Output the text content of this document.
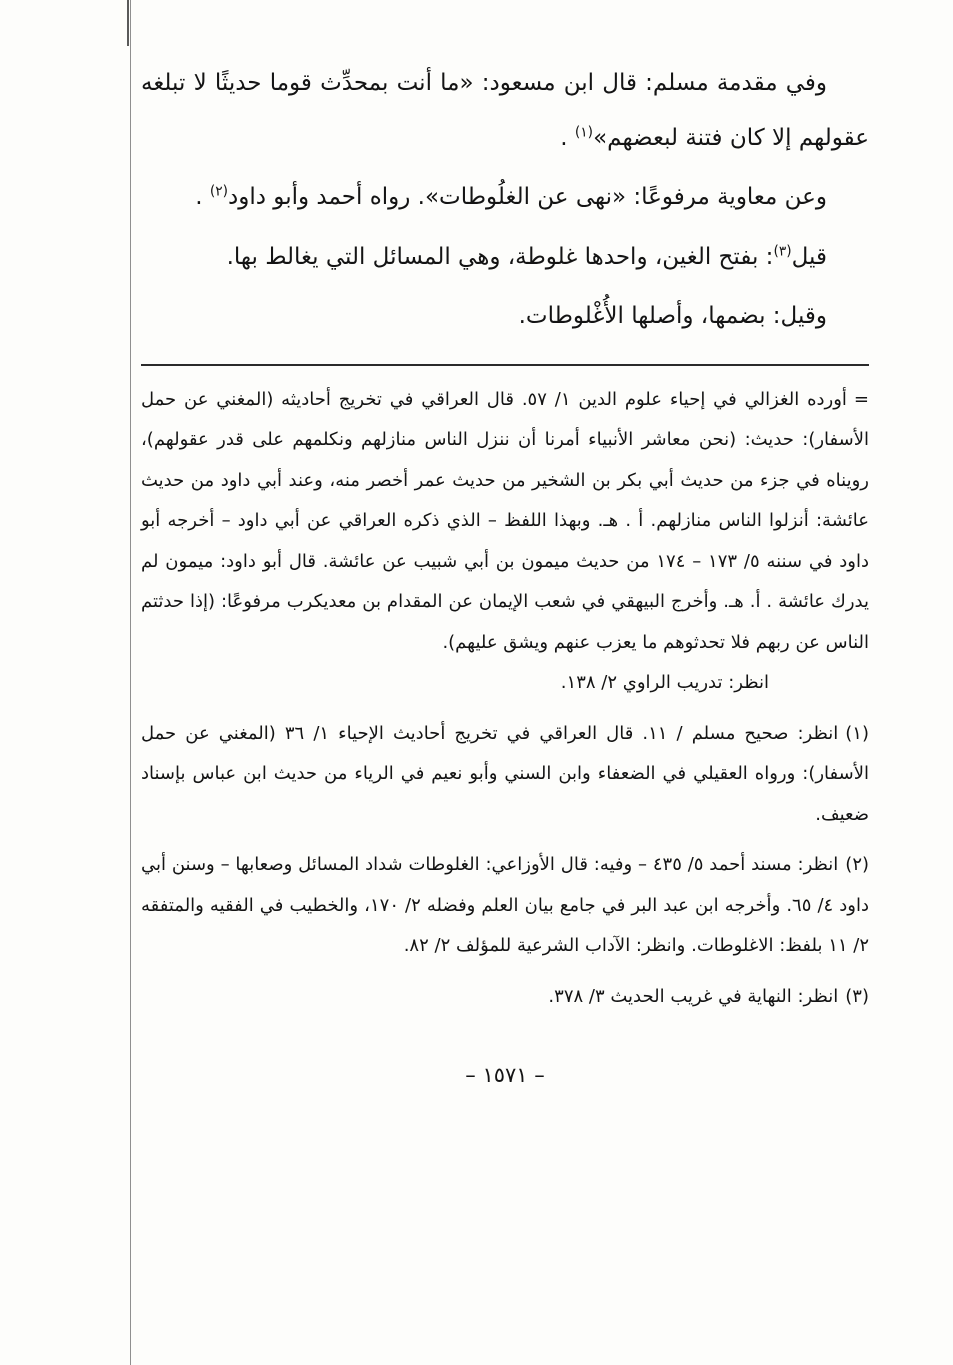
وفي مقدمة مسلم: قال ابن مسعود: «ما أنت بمحدِّث قوما حديثًا لا تبلغه عقولهم إلا كان فتنة لبعضهم»$^{(١)}$ .

وعن معاوية مرفوعًا: «نهى عن الغلُوطات». رواه أحمد وأبو داود$^{(٢)}$ .

قيل$^{(٣)}$: بفتح الغين، واحدها غلوطة، وهي المسائل التي يغالط بها.

وقيل: بضمها، وأصلها الأُغْلوطات.

=أورده الغزالي في إحياء علوم الدين ١/ ٥٧. قال العراقي في تخريج أحاديثه (المغني عن حمل الأسفار): حديث: (نحن معاشر الأنبياء أمرنا أن ننزل الناس منازلهم ونكلمهم على قدر عقولهم)، رويناه في جزء من حديث أبي بكر بن الشخير من حديث عمر أخصر منه، وعند أبي داود من حديث عائشة: أنزلوا الناس منازلهم. أ . هـ. وبهذا اللفظ – الذي ذكره العراقي عن أبي داود – أخرجه أبو داود في سننه ٥/ ١٧٣ – ١٧٤ من حديث ميمون بن أبي شبيب عن عائشة. قال أبو داود: ميمون لم يدرك عائشة . أ. هـ. وأخرج البيهقي في شعب الإيمان عن المقدام بن معديكرب مرفوعًا: (إذا حدثتم الناس عن ربهم فلا تحدثوهم ما يعزب عنهم ويشق عليهم).
انظر: تدريب الراوي ٢/ ١٣٨.
(١)انظر: صحيح مسلم / ١١. قال العراقي في تخريج أحاديث الإحياء ١/ ٣٦ (المغني عن حمل الأسفار): ورواه العقيلي في الضعفاء وابن السني وأبو نعيم في الرياء من حديث ابن عباس بإسناد ضعيف.
(٢)انظر: مسند أحمد ٥/ ٤٣٥ – وفيه: قال الأوزاعي: الغلوطات شداد المسائل وصعابها – وسنن أبي داود ٤/ ٦٥. وأخرجه ابن عبد البر في جامع بيان العلم وفضله ٢/ ١٧٠، والخطيب في الفقيه والمتفقه ٢/ ١١ بلفظ: الاغلوطات. وانظر: الآداب الشرعية للمؤلف ٢/ ٨٢.
(٣)انظر: النهاية في غريب الحديث ٣/ ٣٧٨.
– ١٥٧١ –
